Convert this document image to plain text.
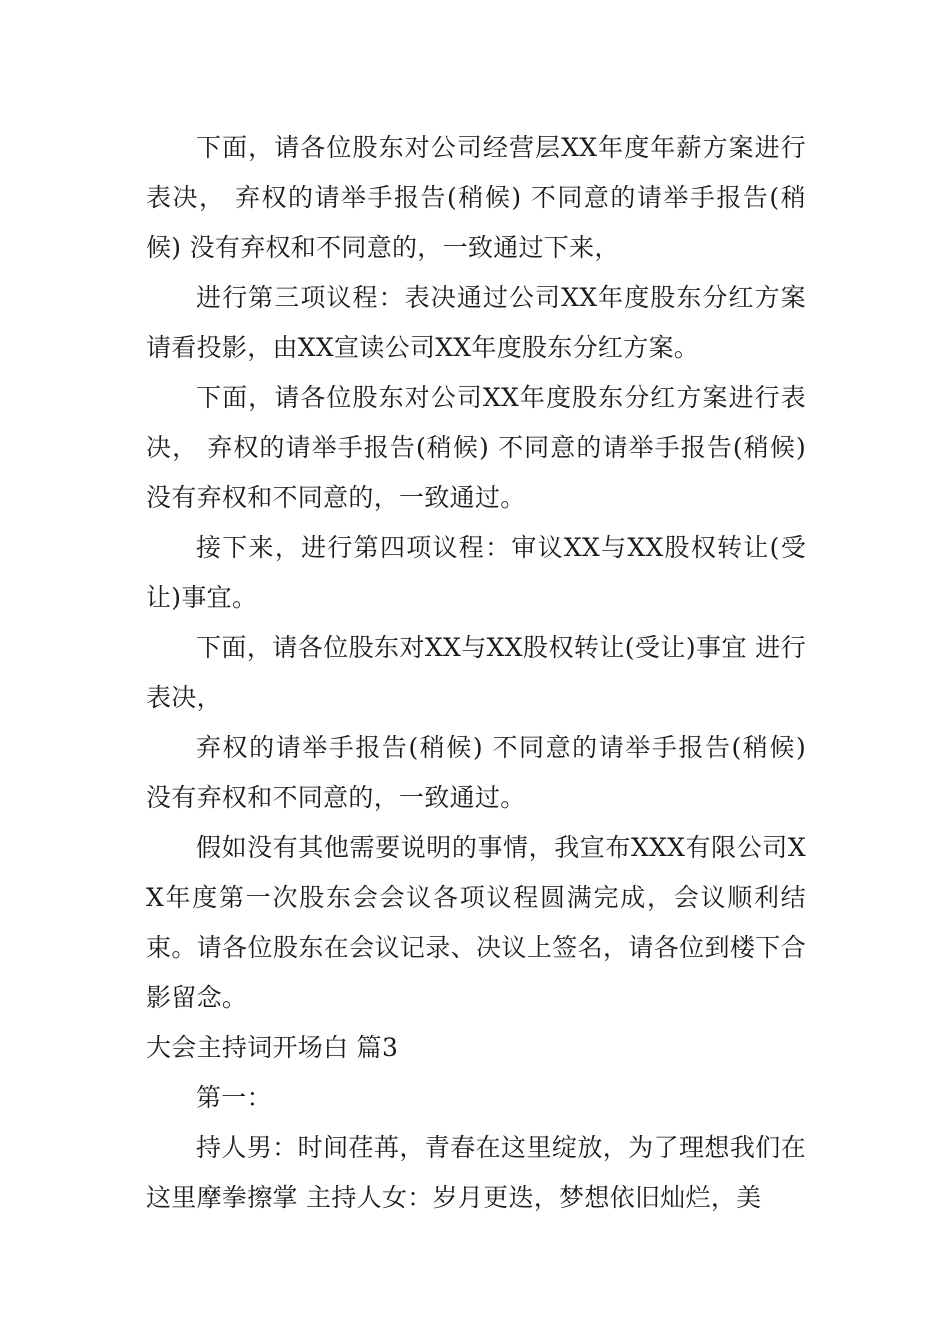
下面，请各位股东对公司经营层XX年度年薪方案进行表决， 弃权的请举手报告(稍候) 不同意的请举手报告(稍候) 没有弃权和不同意的，一致通过下来，

进行第三项议程：表决通过公司XX年度股东分红方案 请看投影，由XX宣读公司XX年度股东分红方案。

下面，请各位股东对公司XX年度股东分红方案进行表决， 弃权的请举手报告(稍候) 不同意的请举手报告(稍候) 没有弃权和不同意的，一致通过。

接下来，进行第四项议程：审议XX与XX股权转让(受让)事宜。

下面，请各位股东对XX与XX股权转让(受让)事宜 进行表决，

弃权的请举手报告(稍候) 不同意的请举手报告(稍候) 没有弃权和不同意的，一致通过。

假如没有其他需要说明的事情，我宣布XXX有限公司XX年度第一次股东会会议各项议程圆满完成，会议顺利结束。请各位股东在会议记录、决议上签名，请各位到楼下合影留念。

大会主持词开场白 篇3

第一：

持人男：时间荏苒，青春在这里绽放，为了理想我们在这里摩拳擦掌 主持人女：岁月更迭，梦想依旧灿烂，美
